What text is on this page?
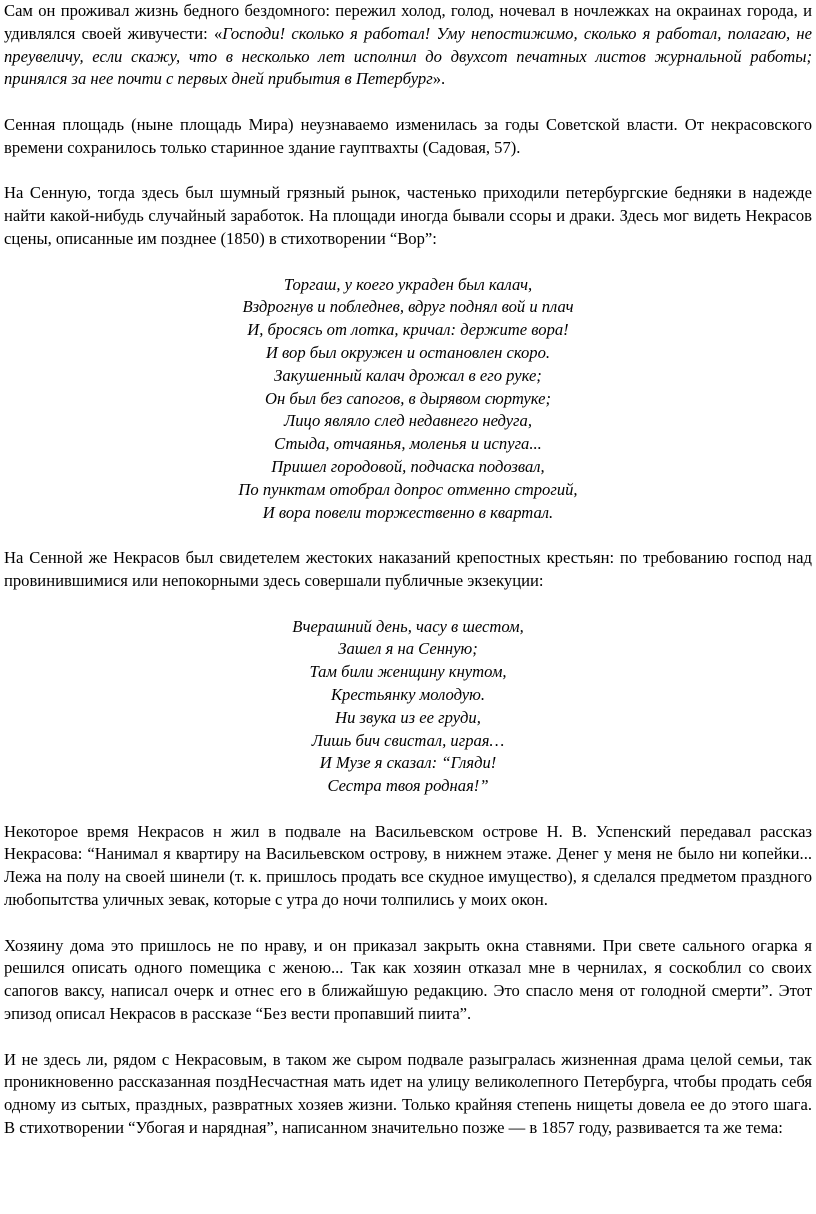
Сам он проживал жизнь бедного бездомного: пережил холод, голод, ночевал в ночлежках на окраинах города, и удивлялся своей живучести: «Господи! сколько я работал! Уму непостижимо, сколько я работал, полагаю, не преувеличу, если скажу, что в несколько лет исполнил до двухсот печатных листов журнальной работы; принялся за нее почти с первых дней прибытия в Петербург».

Сенная площадь (ныне площадь Мира) неузнаваемо изменилась за годы Советской власти. От некрасовского времени сохранилось только старинное здание гауптвахты (Садовая, 57).

На Сенную, тогда здесь был шумный грязный рынок, частенько приходили петербургские бедняки в надежде найти какой-нибудь случайный заработок. На площади иногда бывали ссоры и драки. Здесь мог видеть Некрасов сцены, описанные им позднее (1850) в стихотворении “Вор”:

Торгаш, у коего украден был калач,
Вздрогнув и побледнев, вдруг поднял вой и плач
И, бросясь от лотка, кричал: держите вора!
И вор был окружен и остановлен скоро.
Закушенный калач дрожал в его руке;
Он был без сапогов, в дырявом сюртуке;
Лицо являло след недавнего недуга,
Стыда, отчаянья, моленья и испуга...
Пришел городовой, подчаска подозвал,
По пунктам отобрал допрос отменно строгий,
И вора повели торжественно в квартал.

На Сенной же Некрасов был свидетелем жестоких наказаний крепостных крестьян: по требованию господ над провинившимися или непокорными здесь совершали публичные экзекуции:

Вчерашний день, часу в шестом,
Зашел я на Сенную;
Там били женщину кнутом,
Крестьянку молодую.
Ни звука из ее груди,
Лишь бич свистал, играя…
И Музе я сказал: “Гляди!
Сестра твоя родная!”

Некоторое время Некрасов н жил в подвале на Васильевском острове Н. В. Успенский передавал рассказ Некрасова: “Нанимал я квартиру на Васильевском острову, в нижнем этаже. Денег у меня не было ни копейки... Лежа на полу на своей шинели (т. к. пришлось продать все скудное имущество), я сделался предметом праздного любопытства уличных зевак, которые с утра до ночи толпились у моих окон.

Хозяину дома это пришлось не по нраву, и он приказал закрыть окна ставнями. При свете сального огарка я решился описать одного помещика с женою... Так как хозяин отказал мне в чернилах, я соскоблил со своих сапогов ваксу, написал очерк и отнес его в ближайшую редакцию. Это спасло меня от голодной смерти”. Этот эпизод описал Некрасов в рассказе “Без вести пропавший пиита”.

И не здесь ли, рядом с Некрасовым, в таком же сыром подвале разыгралась жизненная драма целой семьи, так проникновенно рассказанная поздНесчастная мать идет на улицу великолепного Петербурга, чтобы продать себя одному из сытых, праздных, развратных хозяев жизни. Только крайняя степень нищеты довела ее до этого шага. В стихотворении “Убогая и нарядная”, написанном значительно позже — в 1857 году, развивается та же тема:
